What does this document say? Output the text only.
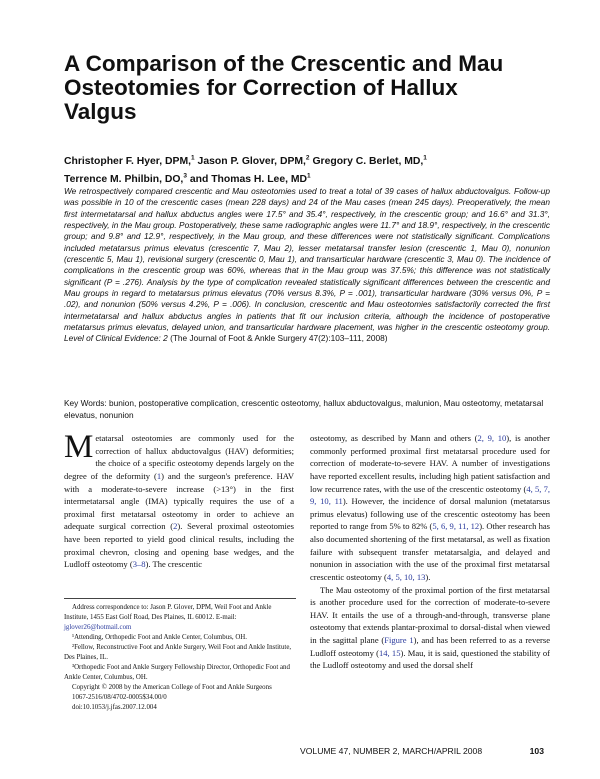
A Comparison of the Crescentic and Mau Osteotomies for Correction of Hallux Valgus
Christopher F. Hyer, DPM,$^1$ Jason P. Glover, DPM,$^2$ Gregory C. Berlet, MD,$^1$
Terrence M. Philbin, DO,$^3$ and Thomas H. Lee, $MD^1$

We retrospectively compared crescentic and Mau osteotomies used to treat a total of 39 cases of hallux abductovalgus. Follow-up was possible in 10 of the crescentic cases (mean 228 days) and 24 of the Mau cases (mean 245 days). Preoperatively, the mean first intermetatarsal and hallux abductus angles were 17.5° and 35.4°, respectively, in the crescentic group; and 16.6° and 31.3°, respectively, in the Mau group. Postoperatively, these same radiographic angles were 11.7° and 18.9°, respectively, in the crescentic group; and 9.8° and 12.9°, respectively, in the Mau group, and these differences were not statistically significant. Complications included metatarsus primus elevatus (crescentic 7, Mau 2), lesser metatarsal transfer lesion (crescentic 1, Mau 0), nonunion (crescentic 5, Mau 1), revisional surgery (crescentic 0, Mau 1), and transarticular hardware (crescentic 3, Mau 0). The incidence of complications in the crescentic group was 60%, whereas that in the Mau group was 37.5%; this difference was not statistically significant (P = .276). Analysis by the type of complication revealed statistically significant differences between the crescentic and Mau groups in regard to metatarsus primus elevatus (70% versus 8.3%, P = .001), transarticular hardware (30% versus 0%, P = .02), and nonunion (50% versus 4.2%, P = .006). In conclusion, crescentic and Mau osteotomies satisfactorily corrected the first intermetatarsal and hallux abductus angles in patients that fit our inclusion criteria, although the incidence of postoperative metatarsus primus elevatus, delayed union, and transarticular hardware placement, was higher in the crescentic osteotomy group. Level of Clinical Evidence: 2 (The Journal of Foot & Ankle Surgery 47(2):103–111, 2008)

Key Words: bunion, postoperative complication, crescentic osteotomy, hallux abductovalgus, malunion, Mau osteotomy, metatarsal elevatus, nonunion

Metatarsal osteotomies are commonly used for the correction of hallux abductovalgus (HAV) deformities; the choice of a specific osteotomy depends largely on the degree of the deformity (1) and the surgeon's preference. HAV with a moderate-to-severe increase (>13°) in the first intermetatarsal angle (IMA) typically requires the use of a proximal first metatarsal osteotomy in order to achieve an adequate surgical correction (2). Several proximal osteotomies have been reported to yield good clinical results, including the proximal chevron, closing and opening base wedges, and the Ludloff osteotomy (3–8). The crescentic

Address correspondence to: Jason P. Glover, DPM, Weil Foot and Ankle Institute, 1455 East Golf Road, Des Plaines, IL 60012. E-mail: jglover26@hotmail.com

¹Attending, Orthopedic Foot and Ankle Center, Columbus, OH.

²Fellow, Reconstructive Foot and Ankle Surgery, Weil Foot and Ankle Institute, Des Plaines, IL.

³Orthopedic Foot and Ankle Surgery Fellowship Director, Orthopedic Foot and Ankle Center, Columbus, OH.

Copyright © 2008 by the American College of Foot and Ankle Surgeons

1067-2516/08/4702-0005$34.00/0

doi:10.1053/j.jfas.2007.12.004

osteotomy, as described by Mann and others (2, 9, 10), is another commonly performed proximal first metatarsal procedure used for correction of moderate-to-severe HAV. A number of investigations have reported excellent results, including high patient satisfaction and low recurrence rates, with the use of the crescentic osteotomy (4, 5, 7, 9, 10, 11). However, the incidence of dorsal malunion (metatarsus primus elevatus) following use of the crescentic osteotomy has been reported to range from 5% to 82% (5, 6, 9, 11, 12). Other research has also documented shortening of the first metatarsal, as well as fixation failure with subsequent transfer metatarsalgia, and delayed and nonunion in association with the use of the proximal first metatarsal crescentic osteotomy (4, 5, 10, 13).

The Mau osteotomy of the proximal portion of the first metatarsal is another procedure used for the correction of moderate-to-severe HAV. It entails the use of a through-and-through, transverse plane osteotomy that extends plantar-proximal to dorsal-distal when viewed in the sagittal plane (Figure 1), and has been referred to as a reverse Ludloff osteotomy (14, 15). Mau, it is said, questioned the stability of the Ludloff osteotomy and used the dorsal shelf

VOLUME 47, NUMBER 2, MARCH/APRIL 2008	103
